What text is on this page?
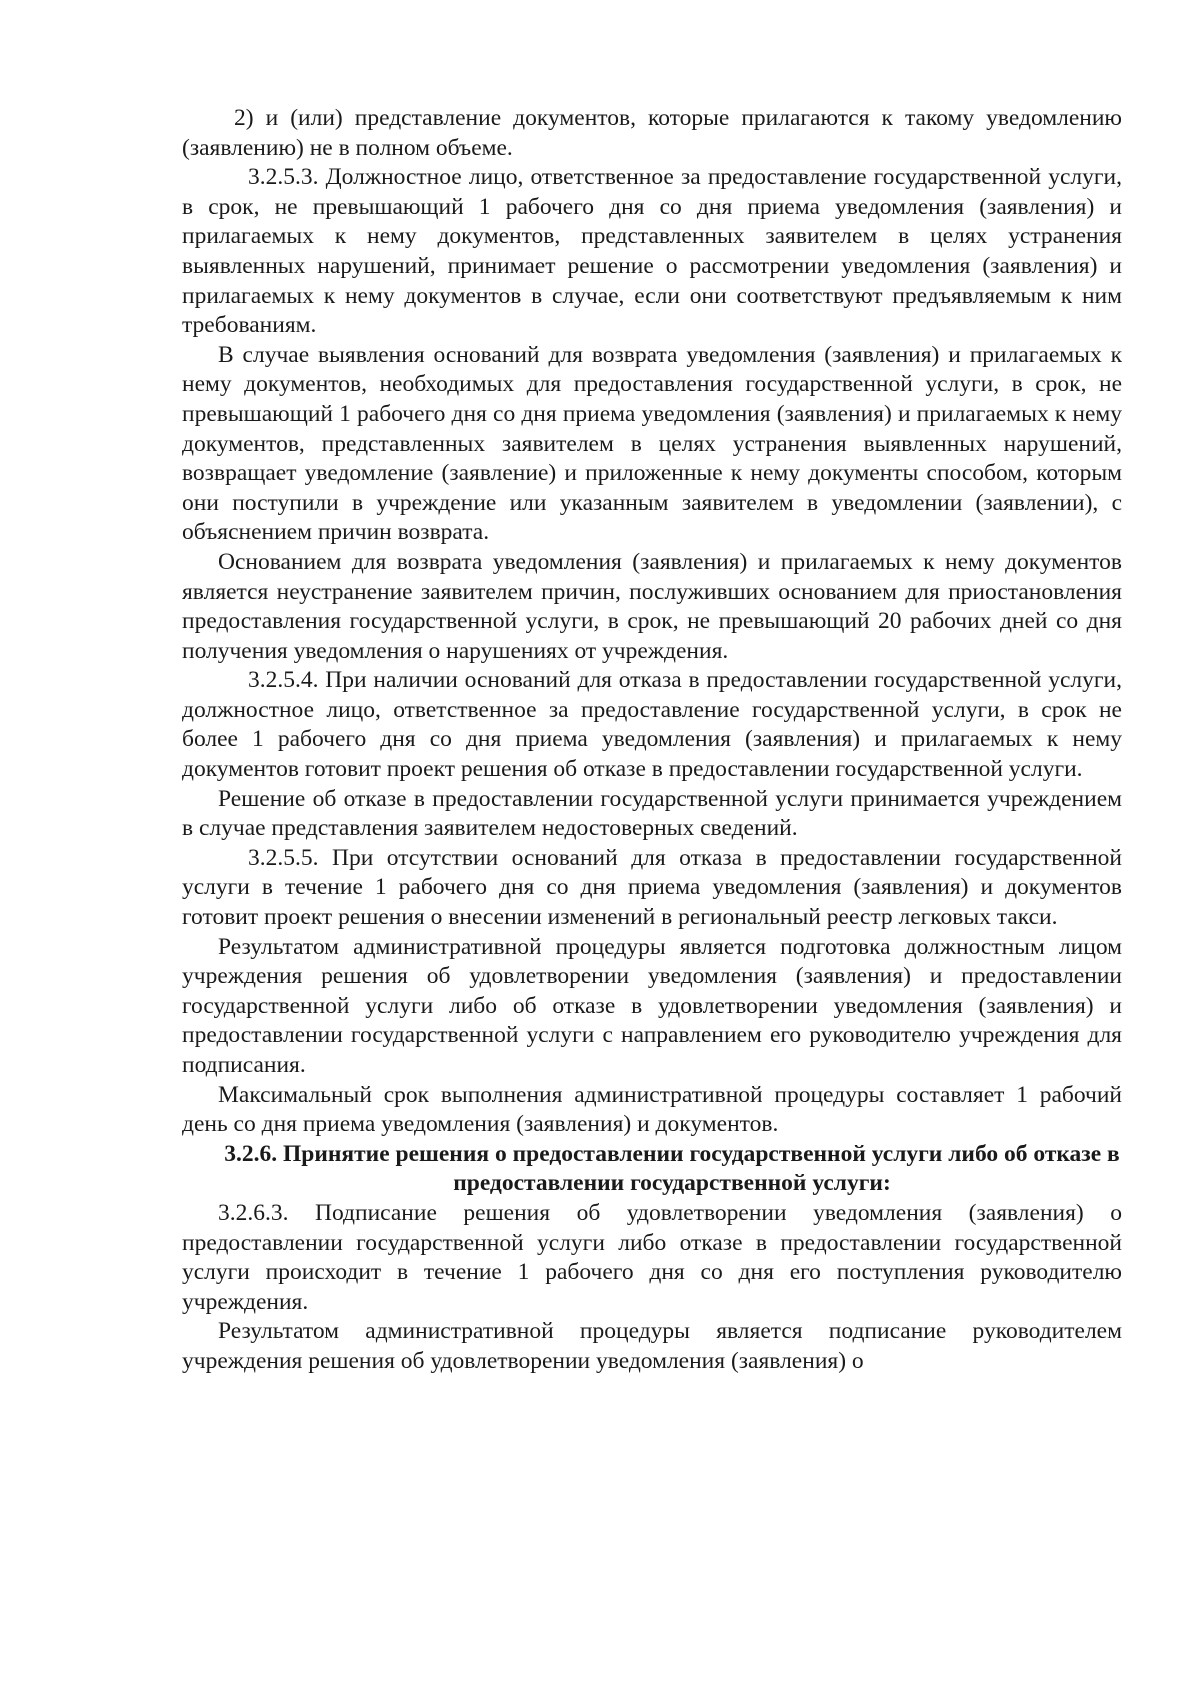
2) и (или) представление документов, которые прилагаются к такому уведомлению (заявлению) не в полном объеме.

3.2.5.3. Должностное лицо, ответственное за предоставление государственной услуги, в срок, не превышающий 1 рабочего дня со дня приема уведомления (заявления) и прилагаемых к нему документов, представленных заявителем в целях устранения выявленных нарушений, принимает решение о рассмотрении уведомления (заявления) и прилагаемых к нему документов в случае, если они соответствуют предъявляемым к ним требованиям.

В случае выявления оснований для возврата уведомления (заявления) и прилагаемых к нему документов, необходимых для предоставления государственной услуги, в срок, не превышающий 1 рабочего дня со дня приема уведомления (заявления) и прилагаемых к нему документов, представленных заявителем в целях устранения выявленных нарушений, возвращает уведомление (заявление) и приложенные к нему документы способом, которым они поступили в учреждение или указанным заявителем в уведомлении (заявлении), с объяснением причин возврата.

Основанием для возврата уведомления (заявления) и прилагаемых к нему документов является неустранение заявителем причин, послуживших основанием для приостановления предоставления государственной услуги, в срок, не превышающий 20 рабочих дней со дня получения уведомления о нарушениях от учреждения.

3.2.5.4. При наличии оснований для отказа в предоставлении государственной услуги, должностное лицо, ответственное за предоставление государственной услуги, в срок не более 1 рабочего дня со дня приема уведомления (заявления) и прилагаемых к нему документов готовит проект решения об отказе в предоставлении государственной услуги.

Решение об отказе в предоставлении государственной услуги принимается учреждением в случае представления заявителем недостоверных сведений.

3.2.5.5. При отсутствии оснований для отказа в предоставлении государственной услуги в течение 1 рабочего дня со дня приема уведомления (заявления) и документов готовит проект решения о внесении изменений в региональный реестр легковых такси.

Результатом административной процедуры является подготовка должностным лицом учреждения решения об удовлетворении уведомления (заявления) и предоставлении государственной услуги либо об отказе в удовлетворении уведомления (заявления) и предоставлении государственной услуги с направлением его руководителю учреждения для подписания.

Максимальный срок выполнения административной процедуры составляет 1 рабочий день со дня приема уведомления (заявления) и документов.

3.2.6. Принятие решения о предоставлении государственной услуги либо об отказе в предоставлении государственной услуги:

3.2.6.3. Подписание решения об удовлетворении уведомления (заявления) о предоставлении государственной услуги либо отказе в предоставлении государственной услуги происходит в течение 1 рабочего дня со дня его поступления руководителю учреждения.

Результатом административной процедуры является подписание руководителем учреждения решения об удовлетворении уведомления (заявления) о
